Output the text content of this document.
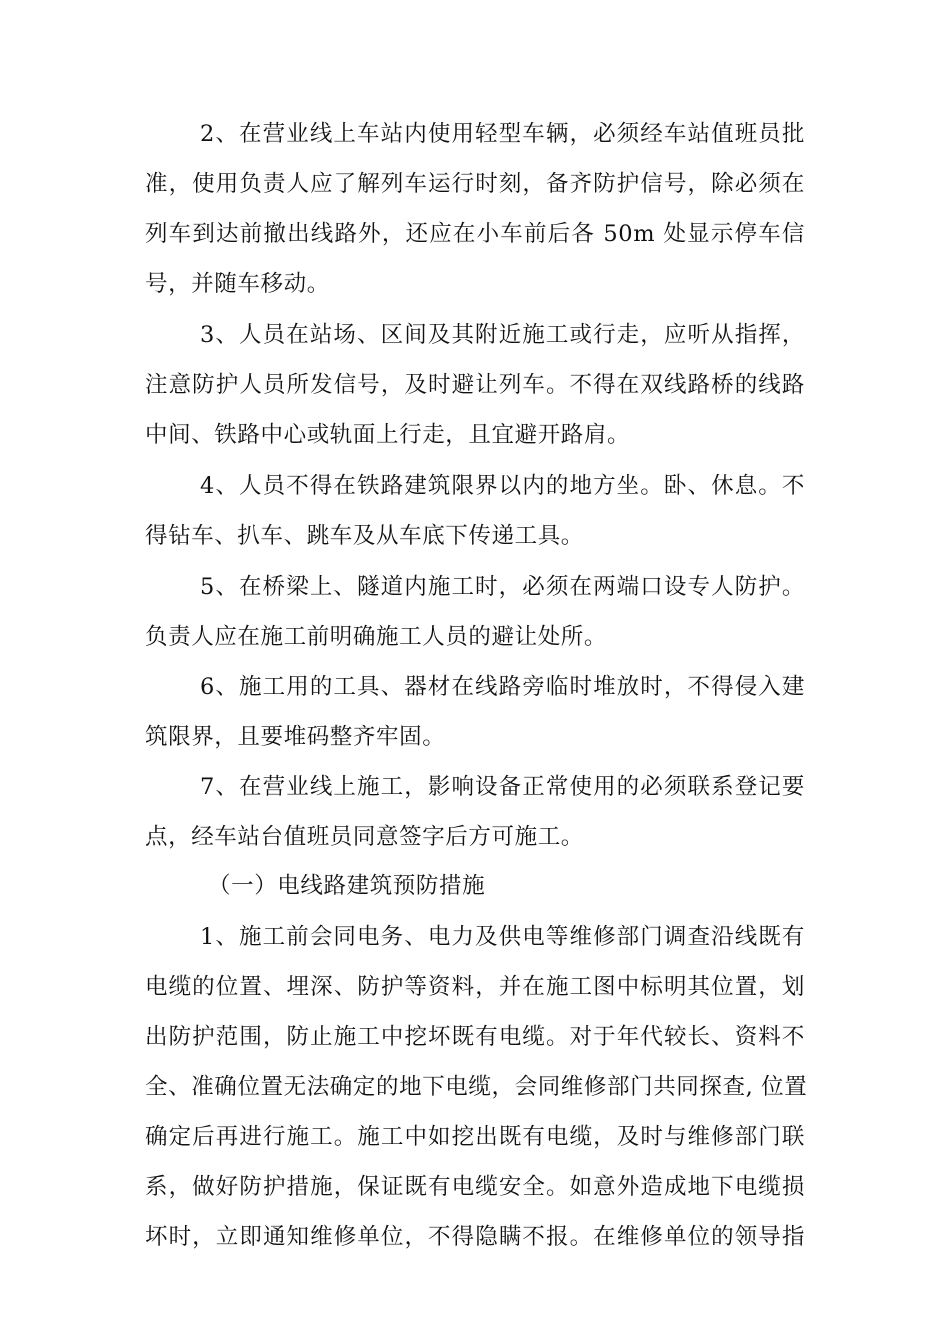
2、在营业线上车站内使用轻型车辆，必须经车站值班员批
准，使用负责人应了解列车运行时刻，备齐防护信号，除必须在
列车到达前撤出线路外，还应在小车前后各 50m 处显示停车信
号，并随车移动。
3、人员在站场、区间及其附近施工或行走，应听从指挥，
注意防护人员所发信号，及时避让列车。不得在双线路桥的线路
中间、铁路中心或轨面上行走，且宜避开路肩。
4、人员不得在铁路建筑限界以内的地方坐。卧、休息。不
得钻车、扒车、跳车及从车底下传递工具。
5、在桥梁上、隧道内施工时，必须在两端口设专人防护。
负责人应在施工前明确施工人员的避让处所。
6、施工用的工具、器材在线路旁临时堆放时，不得侵入建
筑限界，且要堆码整齐牢固。
7、在营业线上施工，影响设备正常使用的必须联系登记要
点，经车站台值班员同意签字后方可施工。
（一）电线路建筑预防措施
1、施工前会同电务、电力及供电等维修部门调查沿线既有
电缆的位置、埋深、防护等资料，并在施工图中标明其位置，划
出防护范围，防止施工中挖坏既有电缆。对于年代较长、资料不
全、准确位置无法确定的地下电缆，会同维修部门共同探查, 位置
确定后再进行施工。施工中如挖出既有电缆，及时与维修部门联
系，做好防护措施，保证既有电缆安全。如意外造成地下电缆损
坏时，立即通知维修单位，不得隐瞒不报。在维修单位的领导指
